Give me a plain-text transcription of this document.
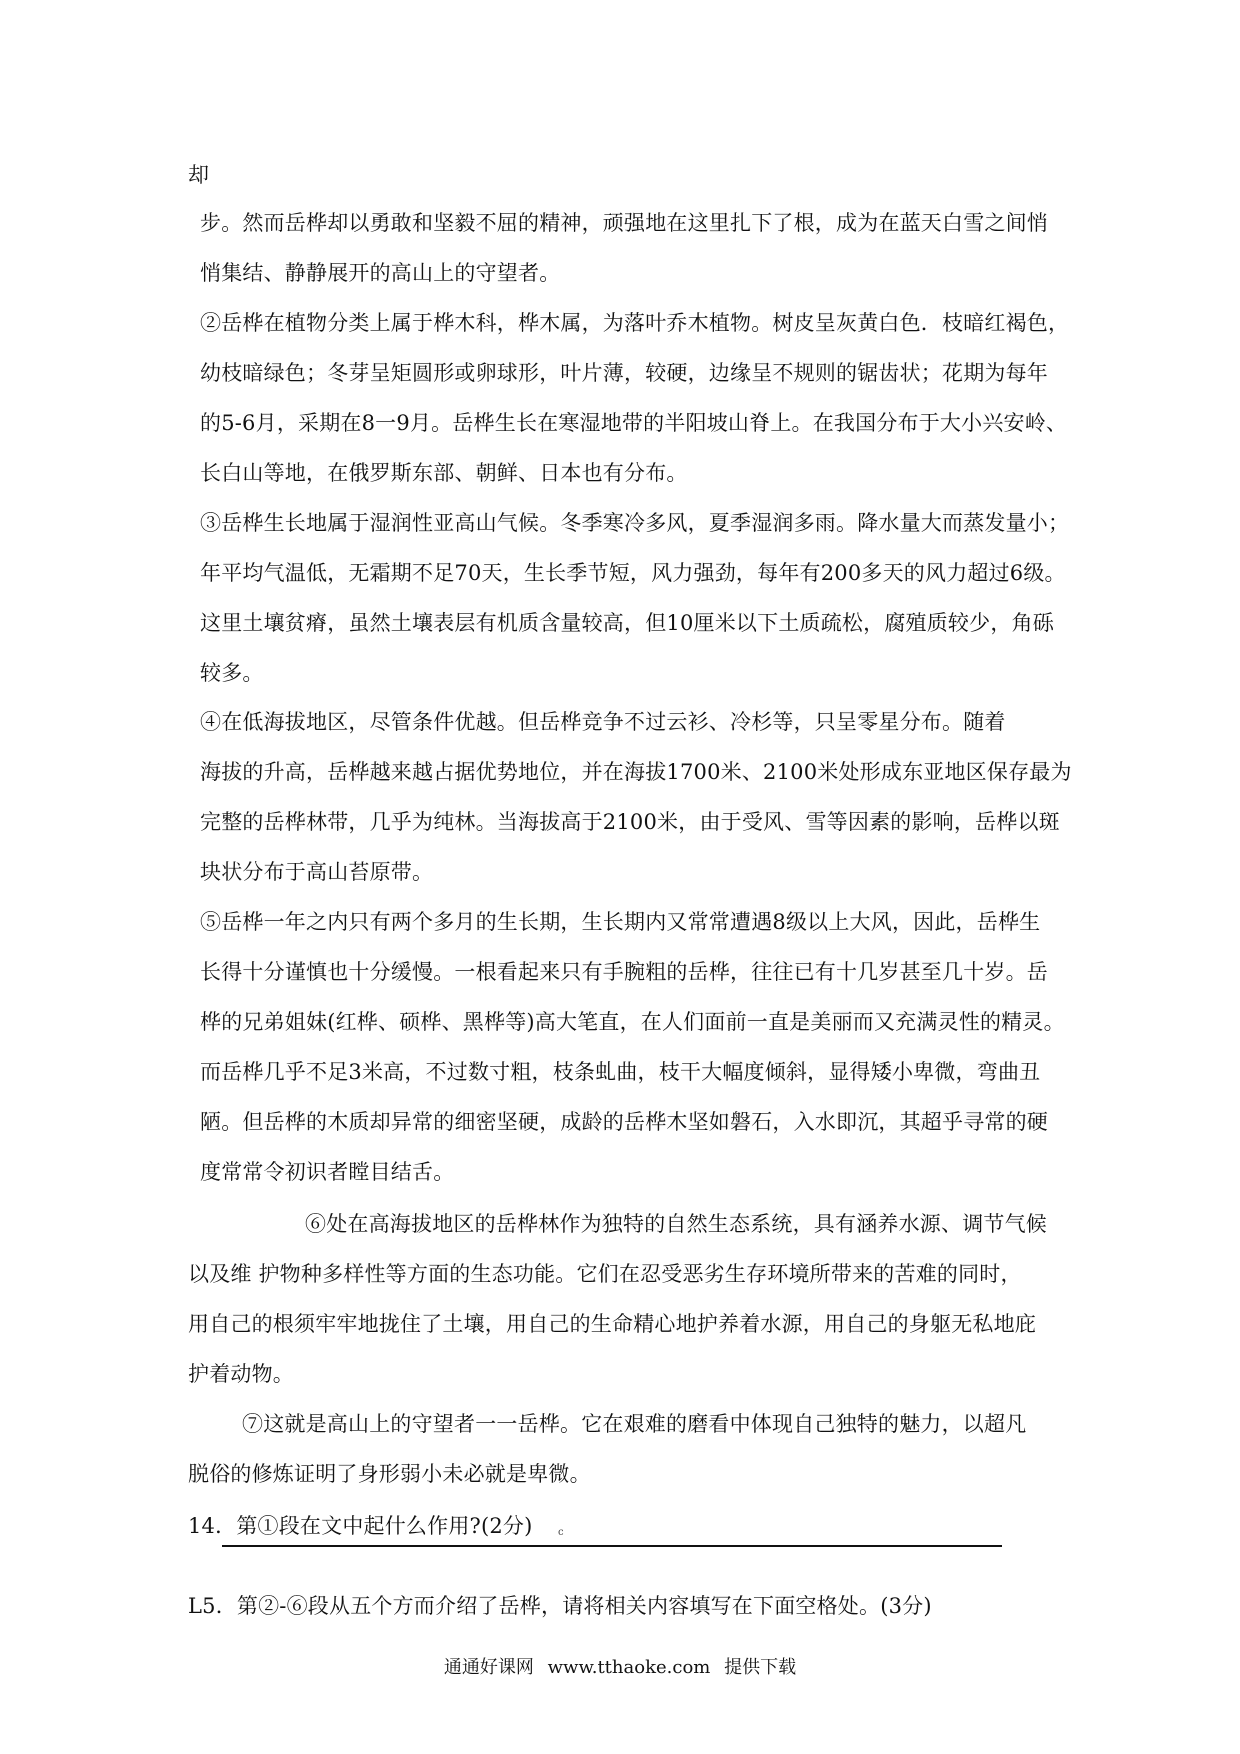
却
步。然而岳桦却以勇敢和坚毅不屈的精神，顽强地在这里扎下了根，成为在蓝天白雪之间悄
悄集结、静静展开的高山上的守望者。
②岳桦在植物分类上属于桦木科，桦木属，为落叶乔木植物。树皮呈灰黄白色．枝暗红褐色，
幼枝暗绿色；冬芽呈矩圆形或卵球形，叶片薄，较硬，边缘呈不规则的锯齿状；花期为每年
的5-6月，采期在8一9月。岳桦生长在寒湿地带的半阳坡山脊上。在我国分布于大小兴安岭、
长白山等地，在俄罗斯东部、朝鲜、日本也有分布。
③岳桦生长地属于湿润性亚高山气候。冬季寒冷多风，夏季湿润多雨。降水量大而蒸发量小；
年平均气温低，无霜期不足70天，生长季节短，风力强劲，每年有200多天的风力超过6级。
这里土壤贫瘠，虽然土壤表层有机质含量较高，但10厘米以下土质疏松，腐殖质较少，角砾
较多。
④在低海拔地区，尽管条件优越。但岳桦竞争不过云衫、冷杉等，只呈零星分布。随着
海拔的升高，岳桦越来越占据优势地位，并在海拔1700米、2100米处形成东亚地区保存最为
完整的岳桦林带，几乎为纯林。当海拔高于2100米，由于受风、雪等因素的影响，岳桦以斑
块状分布于高山苔原带。
⑤岳桦一年之内只有两个多月的生长期，生长期内又常常遭遇8级以上大风，因此，岳桦生
长得十分谨慎也十分缓慢。一根看起来只有手腕粗的岳桦，往往已有十几岁甚至几十岁。岳
桦的兄弟姐妹(红桦、硕桦、黑桦等)高大笔直，在人们面前一直是美丽而又充满灵性的精灵。
而岳桦几乎不足3米高，不过数寸粗，枝条虬曲，枝干大幅度倾斜，显得矮小卑微，弯曲丑
陋。但岳桦的木质却异常的细密坚硬，成龄的岳桦木坚如磐石，入水即沉，其超乎寻常的硬
度常常令初识者瞠目结舌。
⑥处在高海拔地区的岳桦林作为独特的自然生态系统，具有涵养水源、调节气候
以及维 护物种多样性等方面的生态功能。它们在忍受恶劣生存环境所带来的苦难的同时，
用自己的根须牢牢地拢住了土壤，用自己的生命精心地护养着水源，用自己的身躯无私地庇
护着动物。
⑦这就是高山上的守望者一一岳桦。它在艰难的磨看中体现自己独特的魅力，以超凡
脱俗的修炼证明了身形弱小未必就是卑微。
14．第①段在文中起什么作用?(2分)	c
L5．第②-⑥段从五个方而介绍了岳桦，请将相关内容填写在下面空格处。(3分)
通通好课网 www.tthaoke.com 提供下载
